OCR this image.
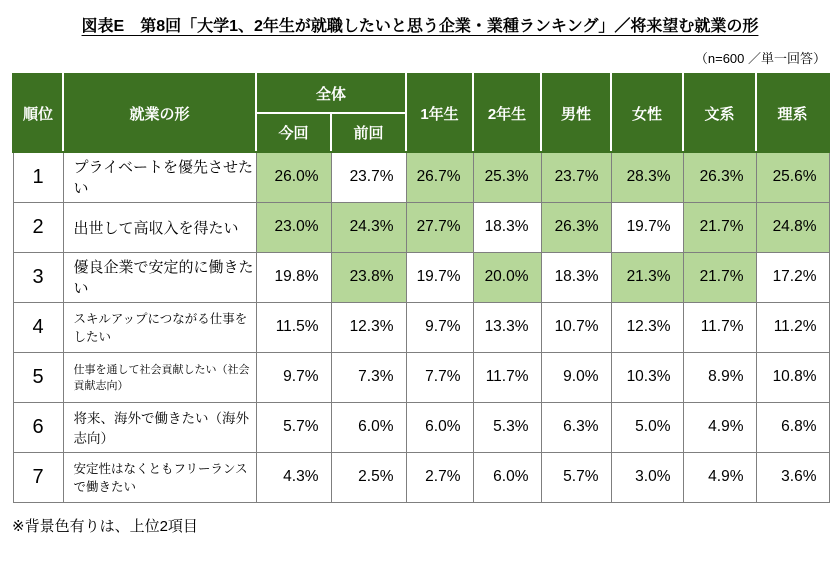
図表E　第8回「大学1、2年生が就職したいと思う企業・業種ランキング」／将来望む就業の形
（n=600 ／単一回答）
順位	就業の形	全体		1年生	2年生	男性	女性	文系	理系
		今回	前回						
1	プライベートを優先させたい	26.0%	23.7%	26.7%	25.3%	23.7%	28.3%	26.3%	25.6%
2	出世して高収入を得たい	23.0%	24.3%	27.7%	18.3%	26.3%	19.7%	21.7%	24.8%
3	優良企業で安定的に働きたい	19.8%	23.8%	19.7%	20.0%	18.3%	21.3%	21.7%	17.2%
4	スキルアップにつながる仕事をしたい	11.5%	12.3%	9.7%	13.3%	10.7%	12.3%	11.7%	11.2%
5	仕事を通して社会貢献したい（社会貢献志向）	9.7%	7.3%	7.7%	11.7%	9.0%	10.3%	8.9%	10.8%
6	将来、海外で働きたい（海外志向）	5.7%	6.0%	6.0%	5.3%	6.3%	5.0%	4.9%	6.8%
7	安定性はなくともフリーランスで働きたい	4.3%	2.5%	2.7%	6.0%	5.7%	3.0%	4.9%	3.6%
※背景色有りは、上位2項目
